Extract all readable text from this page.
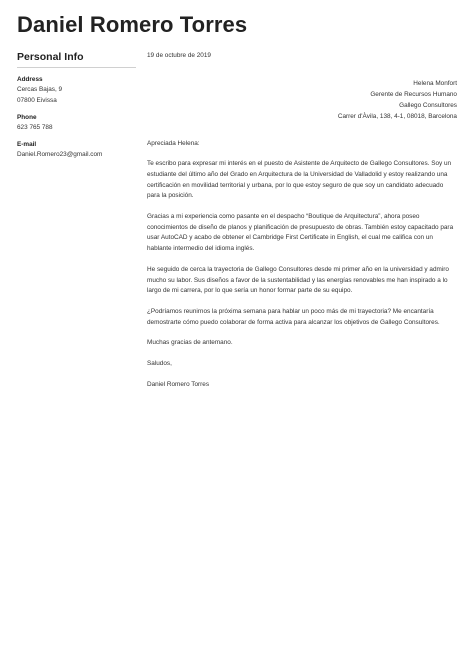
Daniel Romero Torres
Personal Info
Address
Cercas Bajas, 9
07800 Eivissa
Phone
623 765 788
E-mail
Daniel.Romero23@gmail.com

19 de octubre de 2019

Helena Monfort
Gerente de Recursos Humano
Gallego Consultores
Carrer d'Àvila, 138, 4-1, 08018, Barcelona

Apreciada Helena:

Te escribo para expresar mi interés en el puesto de Asistente de Arquitecto de Gallego Consultores. Soy un estudiante del último año del Grado en Arquitectura de la Universidad de Valladolid y estoy realizando una certificación en movilidad territorial y urbana, por lo que estoy seguro de que soy un candidato adecuado para la posición.

Gracias a mi experiencia como pasante en el despacho “Boutique de Arquitectura”, ahora poseo conocimientos de diseño de planos y planificación de presupuesto de obras. También estoy capacitado para usar AutoCAD y acabo de obtener el Cambridge First Certificate in English, el cual me califica con un hablante intermedio del idioma inglés.

He seguido de cerca la trayectoria de Gallego Consultores desde mi primer año en la universidad y admiro mucho su labor. Sus diseños a favor de la sustentabilidad y las energías renovables me han inspirado a lo largo de mi carrera, por lo que sería un honor formar parte de su equipo.

¿Podríamos reunirnos la próxima semana para hablar un poco más de mi trayectoria? Me encantaría demostrarte cómo puedo colaborar de forma activa para alcanzar los objetivos de Gallego Consultores.

Muchas gracias de antemano.

Saludos,

Daniel Romero Torres
